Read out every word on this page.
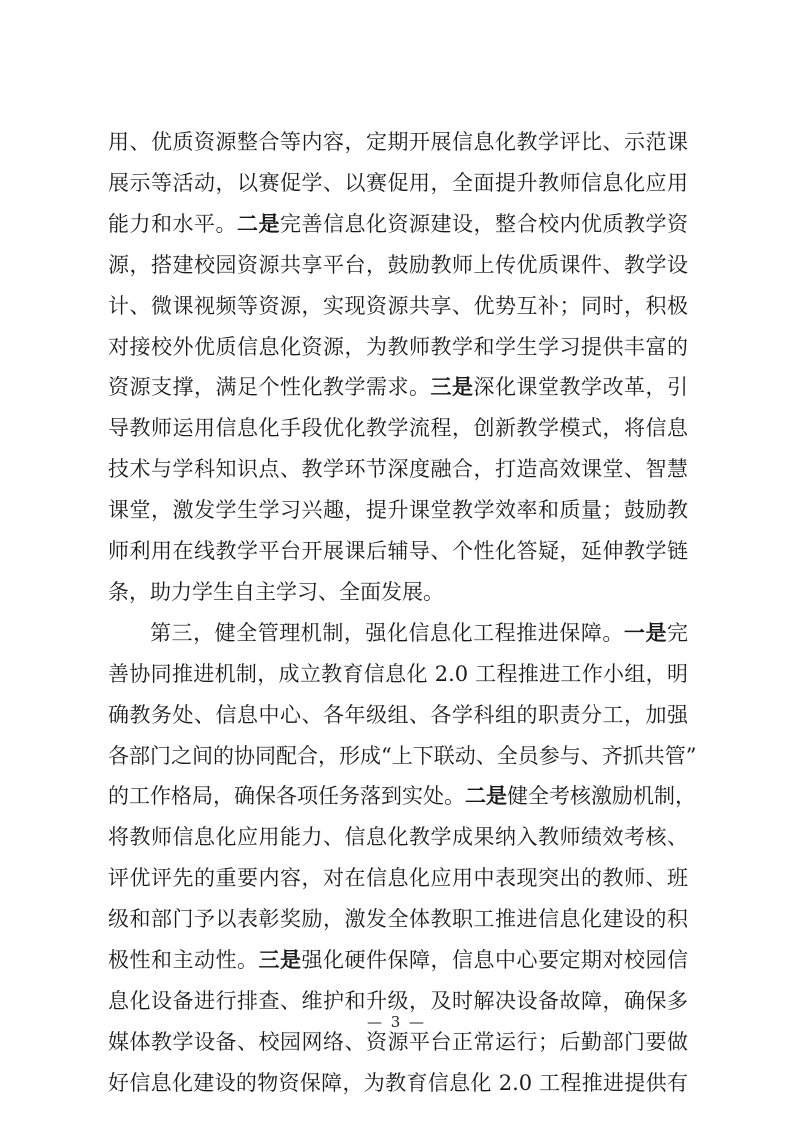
用、优质资源整合等内容，定期开展信息化教学评比、示范课
展示等活动，以赛促学、以赛促用，全面提升教师信息化应用
能力和水平。二是完善信息化资源建设，整合校内优质教学资
源，搭建校园资源共享平台，鼓励教师上传优质课件、教学设
计、微课视频等资源，实现资源共享、优势互补；同时，积极
对接校外优质信息化资源，为教师教学和学生学习提供丰富的
资源支撑，满足个性化教学需求。三是深化课堂教学改革，引
导教师运用信息化手段优化教学流程，创新教学模式，将信息
技术与学科知识点、教学环节深度融合，打造高效课堂、智慧
课堂，激发学生学习兴趣，提升课堂教学效率和质量；鼓励教
师利用在线教学平台开展课后辅导、个性化答疑，延伸教学链
条，助力学生自主学习、全面发展。
第三，健全管理机制，强化信息化工程推进保障。一是完
善协同推进机制，成立教育信息化 2.0 工程推进工作小组，明
确教务处、信息中心、各年级组、各学科组的职责分工，加强
各部门之间的协同配合，形成“上下联动、全员参与、齐抓共管”
的工作格局，确保各项任务落到实处。二是健全考核激励机制，
将教师信息化应用能力、信息化教学成果纳入教师绩效考核、
评优评先的重要内容，对在信息化应用中表现突出的教师、班
级和部门予以表彰奖励，激发全体教职工推进信息化建设的积
极性和主动性。三是强化硬件保障，信息中心要定期对校园信
息化设备进行排查、维护和升级，及时解决设备故障，确保多
媒体教学设备、校园网络、资源平台正常运行；后勤部门要做
好信息化建设的物资保障，为教育信息化 2.0 工程推进提供有
— 3 —
